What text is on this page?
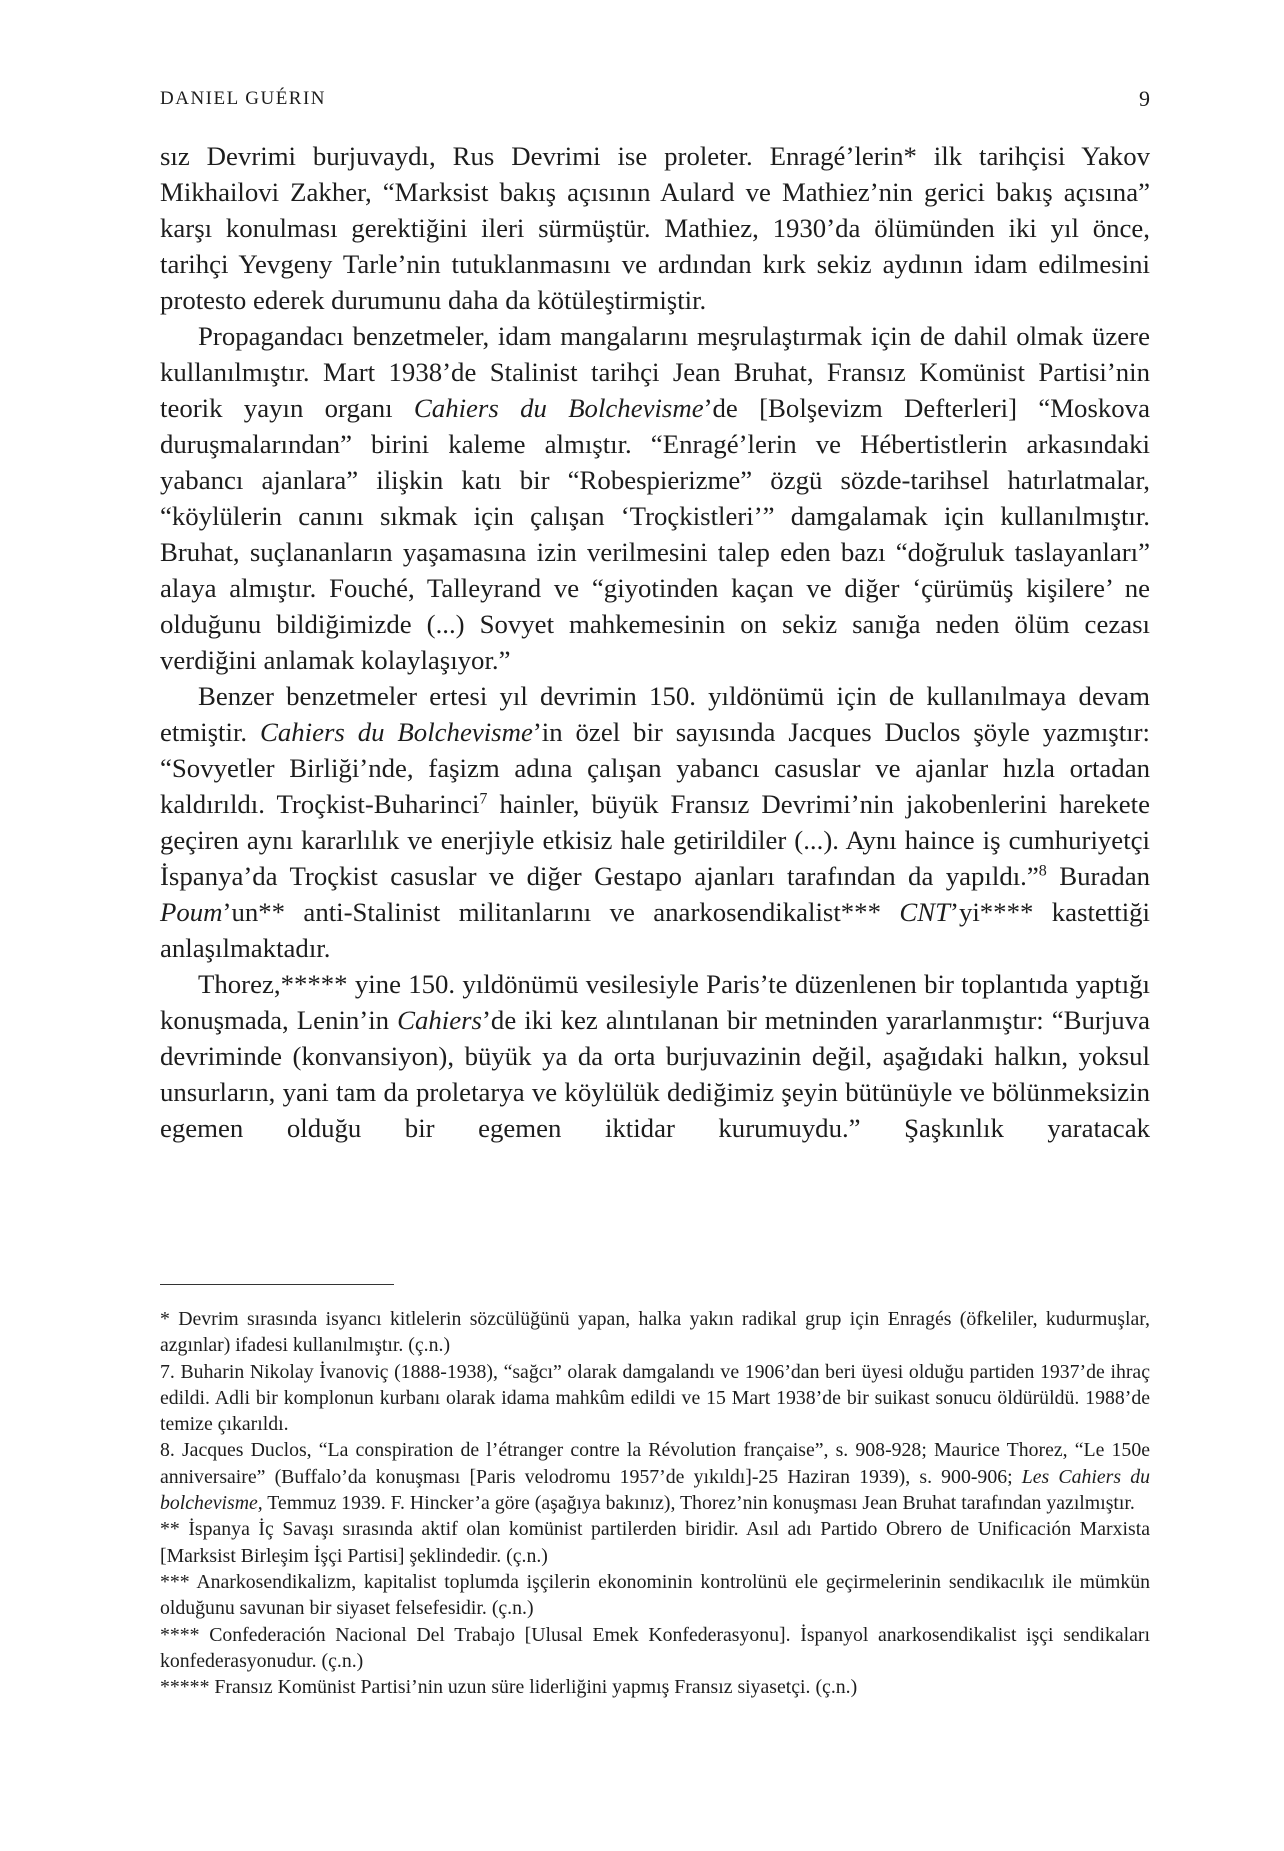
DANIEL GUÉRIN	9

sız Devrimi burjuvaydı, Rus Devrimi ise proleter. Enragé’lerin* ilk tarihçisi Yakov Mikhailovi Zakher, “Marksist bakış açısının Aulard ve Mathiez’nin gerici bakış açısına” karşı konulması gerektiğini ileri sürmüştür. Mathiez, 1930’da ölümünden iki yıl önce, tarihçi Yevgeny Tarle’nin tutuklanmasını ve ardından kırk sekiz aydının idam edilmesini protesto ederek durumunu daha da kötüleştirmiştir.

Propagandacı benzetmeler, idam mangalarını meşrulaştırmak için de dahil olmak üzere kullanılmıştır. Mart 1938’de Stalinist tarihçi Jean Bruhat, Fransız Komünist Partisi’nin teorik yayın organı Cahiers du Bolchevisme’de [Bolşevizm Defterleri] “Moskova duruşmalarından” birini kaleme almıştır. “Enragé’lerin ve Hébertistlerin arkasındaki yabancı ajanlara” ilişkin katı bir “Robespierizme” özgü sözde-tarihsel hatırlatmalar, “köylülerin canını sıkmak için çalışan ‘Troçkistleri’” damgalamak için kullanılmıştır. Bruhat, suçlananların yaşamasına izin verilmesini talep eden bazı “doğruluk taslayanları” alaya almıştır. Fouché, Talleyrand ve “giyotinden kaçan ve diğer ‘çürümüş kişilere’ ne olduğunu bildiğimizde (...) Sovyet mahkemesinin on sekiz sanığa neden ölüm cezası verdiğini anlamak kolaylaşıyor.”

Benzer benzetmeler ertesi yıl devrimin 150. yıldönümü için de kullanılmaya devam etmiştir. Cahiers du Bolchevisme’in özel bir sayısında Jacques Duclos şöyle yazmıştır: “Sovyetler Birliği’nde, faşizm adına çalışan yabancı casuslar ve ajanlar hızla ortadan kaldırıldı. Troçkist-Buharinci$^7$ hainler, büyük Fransız Devrimi’nin jakobenlerini harekete geçiren aynı kararlılık ve enerjiyle etkisiz hale getirildiler (...). Aynı haince iş cumhuriyetçi İspanya’da Troçkist casuslar ve diğer Gestapo ajanları tarafından da yapıldı.”$^8$ Buradan Poum’un** anti-Stalinist militanlarını ve anarkosendikalist*** CNT’yi**** kastettiği anlaşılmaktadır.

Thorez,***** yine 150. yıldönümü vesilesiyle Paris’te düzenlenen bir toplantıda yaptığı konuşmada, Lenin’in Cahiers’de iki kez alıntılanan bir metninden yararlanmıştır: “Burjuva devriminde (konvansiyon), büyük ya da orta burjuvazinin değil, aşağıdaki halkın, yoksul unsurların, yani tam da proletarya ve köylülük dediğimiz şeyin bütünüyle ve bölünmeksizin egemen olduğu bir egemen iktidar kurumuydu.” Şaşkınlık yaratacak

* Devrim sırasında isyancı kitlelerin sözcülüğünü yapan, halka yakın radikal grup için Enragés (öfkeliler, kudurmuşlar, azgınlar) ifadesi kullanılmıştır. (ç.n.)

7. Buharin Nikolay İvanoviç (1888-1938), “sağcı” olarak damgalandı ve 1906’dan beri üyesi olduğu partiden 1937’de ihraç edildi. Adli bir komplonun kurbanı olarak idama mahkûm edildi ve 15 Mart 1938’de bir suikast sonucu öldürüldü. 1988’de temize çıkarıldı.

8. Jacques Duclos, “La conspiration de l’étranger contre la Révolution française”, s. 908-928; Maurice Thorez, “Le 150e anniversaire” (Buffalo’da konuşması [Paris velodromu 1957’de yıkıldı]-25 Haziran 1939), s. 900-906; Les Cahiers du bolchevisme, Temmuz 1939. F. Hincker’a göre (aşağıya bakınız), Thorez’nin konuşması Jean Bruhat tarafından yazılmıştır.

** İspanya İç Savaşı sırasında aktif olan komünist partilerden biridir. Asıl adı Partido Obrero de Unificación Marxista [Marksist Birleşim İşçi Partisi] şeklindedir. (ç.n.)

*** Anarkosendikalizm, kapitalist toplumda işçilerin ekonominin kontrolünü ele geçirmelerinin sendikacılık ile mümkün olduğunu savunan bir siyaset felsefesidir. (ç.n.)

**** Confederación Nacional Del Trabajo [Ulusal Emek Konfederasyonu]. İspanyol anarkosendikalist işçi sendikaları konfederasyonudur. (ç.n.)

***** Fransız Komünist Partisi’nin uzun süre liderliğini yapmış Fransız siyasetçi. (ç.n.)
